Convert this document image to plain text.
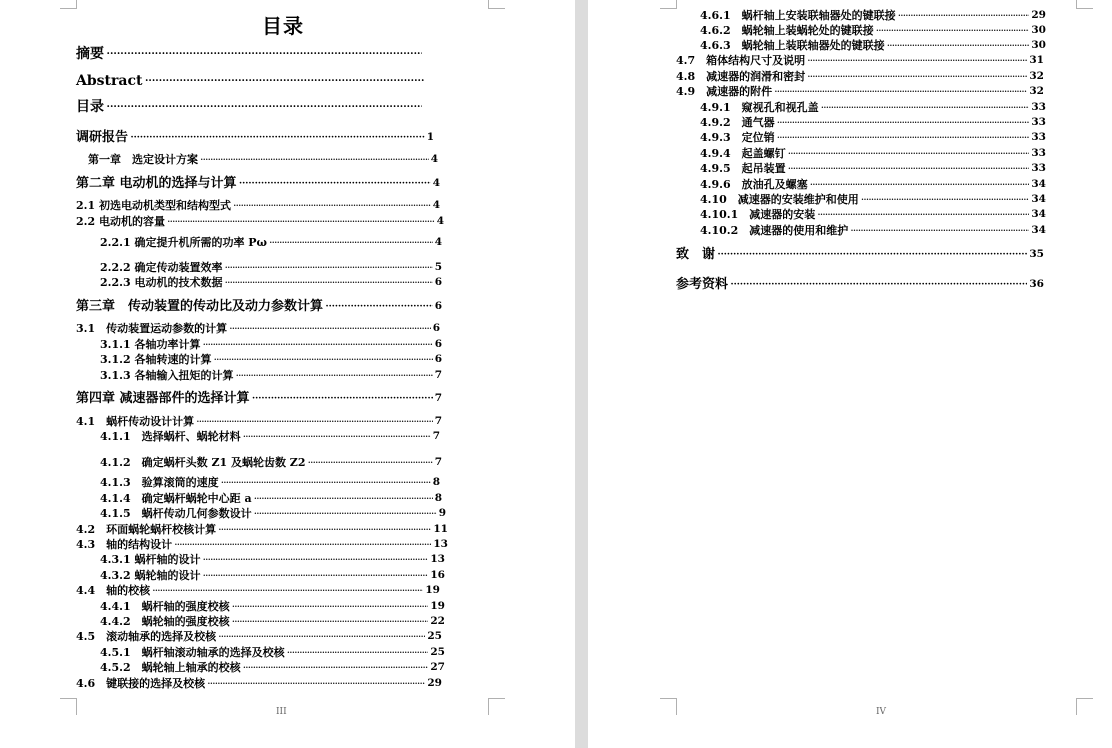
目录
摘要
·····
Abstract
·····
目录
·····
调研报告 ·····	1
第一章　选定设计方案 ·····	4
第二章 电动机的选择与计算 ·····	4
2.1 初选电动机类型和结构型式 ·····	4
2.2 电动机的容量 ·····	4
2.2.1 确定提升机所需的功率 Pω ·····	4
2.2.2 确定传动装置效率 ·····	5
2.2.3 电动机的技术数据 ·····	6
第三章　传动装置的传动比及动力参数计算 ·····	6
3.1　传动装置运动参数的计算 ·····	6
3.1.1 各轴功率计算 ·····	6
3.1.2 各轴转速的计算 ·····	6
3.1.3 各轴输入扭矩的计算 ·····	7
第四章 减速器部件的选择计算 ·····	7
4.1　蜗杆传动设计计算 ·····	7
4.1.1　选择蜗杆、蜗轮材料 ·····	7
4.1.2　确定蜗杆头数 Z1 及蜗轮齿数 Z2 ·····	7
4.1.3　验算滚筒的速度 ·····	8
4.1.4　确定蜗杆蜗轮中心距 a ·····	8
4.1.5　蜗杆传动几何参数设计 ·····	9
4.2　环面蜗轮蜗杆校核计算 ·····	11
4.3　轴的结构设计 ·····	13
4.3.1 蜗杆轴的设计 ·····	13
4.3.2 蜗轮轴的设计 ·····	16
4.4　轴的校核 ·····	19
4.4.1　蜗杆轴的强度校核 ·····	19
4.4.2　蜗轮轴的强度校核 ·····	22
4.5　滚动轴承的选择及校核 ·····	25
4.5.1　蜗杆轴滚动轴承的选择及校核 ·····	25
4.5.2　蜗轮轴上轴承的校核 ·····	27
4.6　键联接的选择及校核 ·····	29
III
4.6.1　蜗杆轴上安装联轴器处的键联接 ·····	29
4.6.2　蜗轮轴上装蜗轮处的键联接 ·····	30
4.6.3　蜗轮轴上装联轴器处的键联接 ·····	30
4.7　箱体结构尺寸及说明 ·····	31
4.8　减速器的润滑和密封 ·····	32
4.9　减速器的附件 ·····	32
4.9.1　窥视孔和视孔盖 ·····	33
4.9.2　通气器 ·····	33
4.9.3　定位销 ·····	33
4.9.4　起盖螺钉 ·····	33
4.9.5　起吊装置 ·····	33
4.9.6　放油孔及螺塞 ·····	34
4.10　减速器的安装维护和使用 ·····	34
4.10.1　减速器的安装 ·····	34
4.10.2　减速器的使用和维护 ·····	34
致　谢 ·····	35
参考资料 ·····	36
IV
